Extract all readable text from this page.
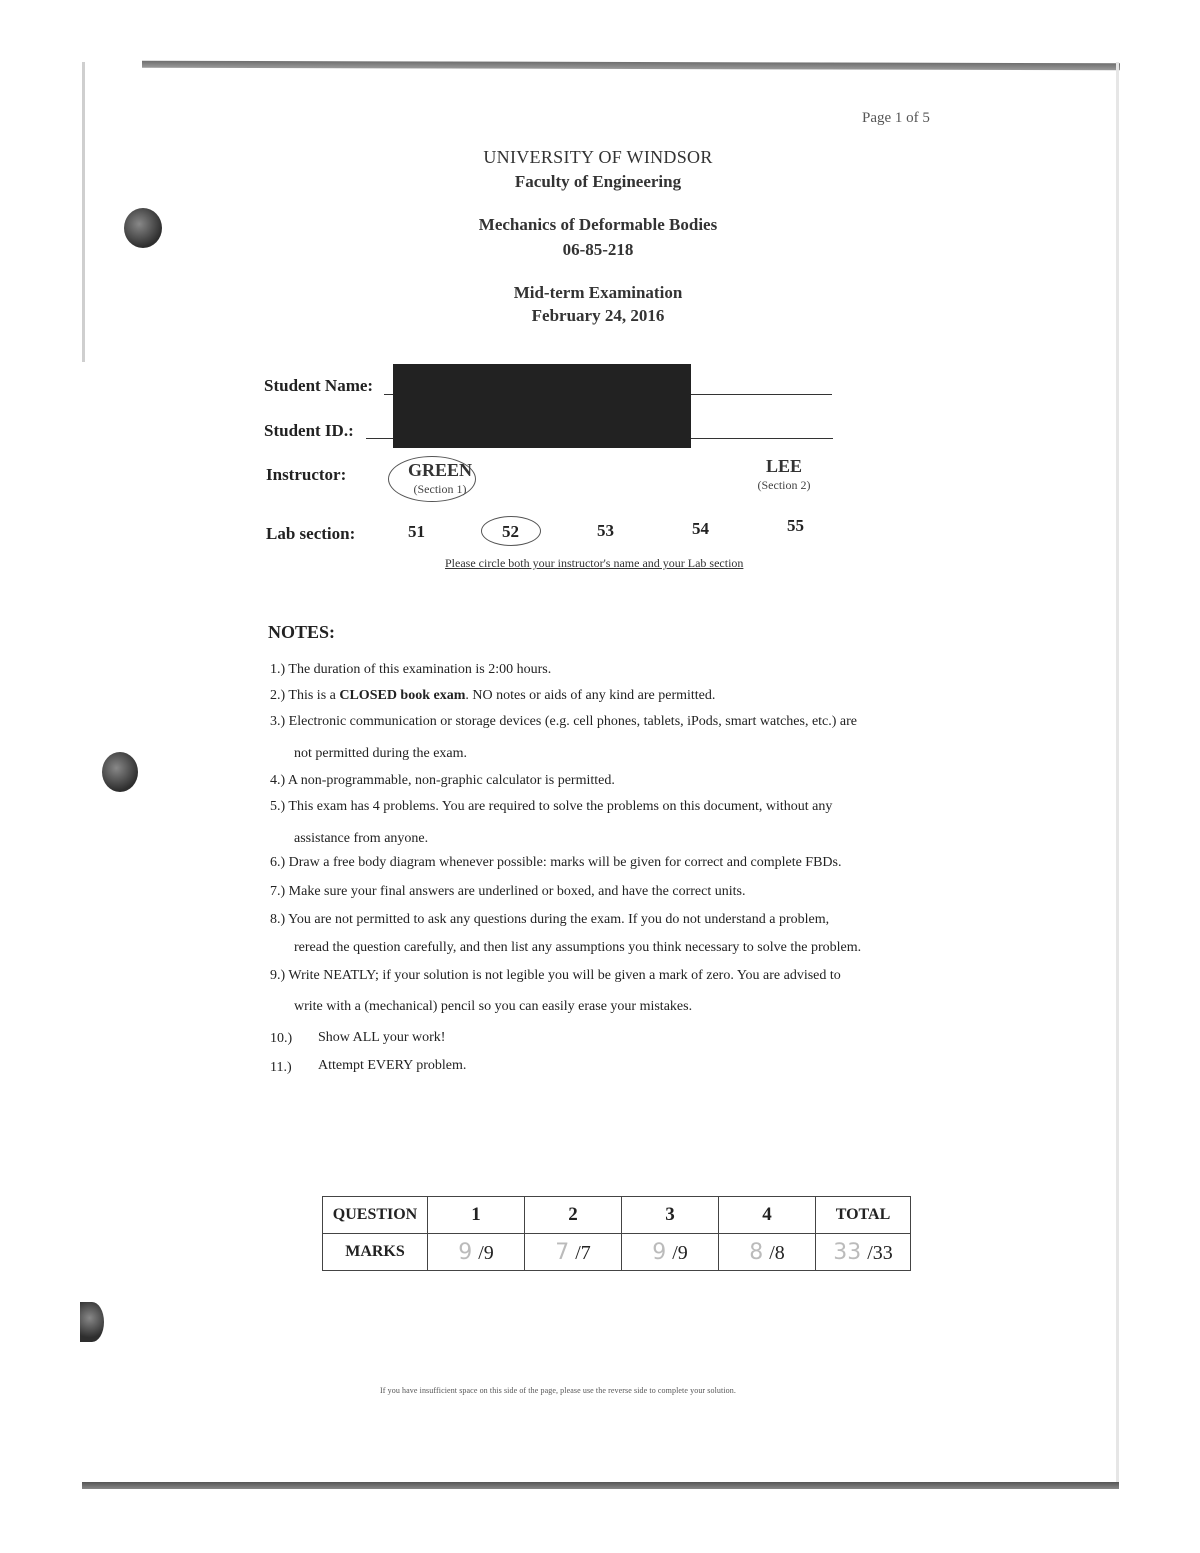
Page 1 of 5
UNIVERSITY OF WINDSOR
Faculty of Engineering
Mechanics of Deformable Bodies
06-85-218
Mid-term Examination
February 24, 2016
Student Name:
Student ID.:
Instructor:	GREEN
(Section 1)
LEE
(Section 2)
Lab section:	51	52	53	54	55
Please circle both your instructor's name and your Lab section
NOTES:
1.) The duration of this examination is 2:00 hours.
2.) This is a CLOSED book exam. NO notes or aids of any kind are permitted.
3.) Electronic communication or storage devices (e.g. cell phones, tablets, iPods, smart watches, etc.) are
not permitted during the exam.
4.) A non-programmable, non-graphic calculator is permitted.
5.) This exam has 4 problems. You are required to solve the problems on this document, without any
assistance from anyone.
6.) Draw a free body diagram whenever possible: marks will be given for correct and complete FBDs.
7.) Make sure your final answers are underlined or boxed, and have the correct units.
8.) You are not permitted to ask any questions during the exam. If you do not understand a problem,
reread the question carefully, and then list any assumptions you think necessary to solve the problem.
9.) Write NEATLY; if your solution is not legible you will be given a mark of zero. You are advised to
write with a (mechanical) pencil so you can easily erase your mistakes.
10.) Show ALL your work!
11.) Attempt EVERY problem.
QUESTION	1	2	3	4	TOTAL
MARKS	9 /9	7 /7	9 /9	8 /8	33 /33
If you have insufficient space on this side of the page, please use the reverse side to complete your solution.
